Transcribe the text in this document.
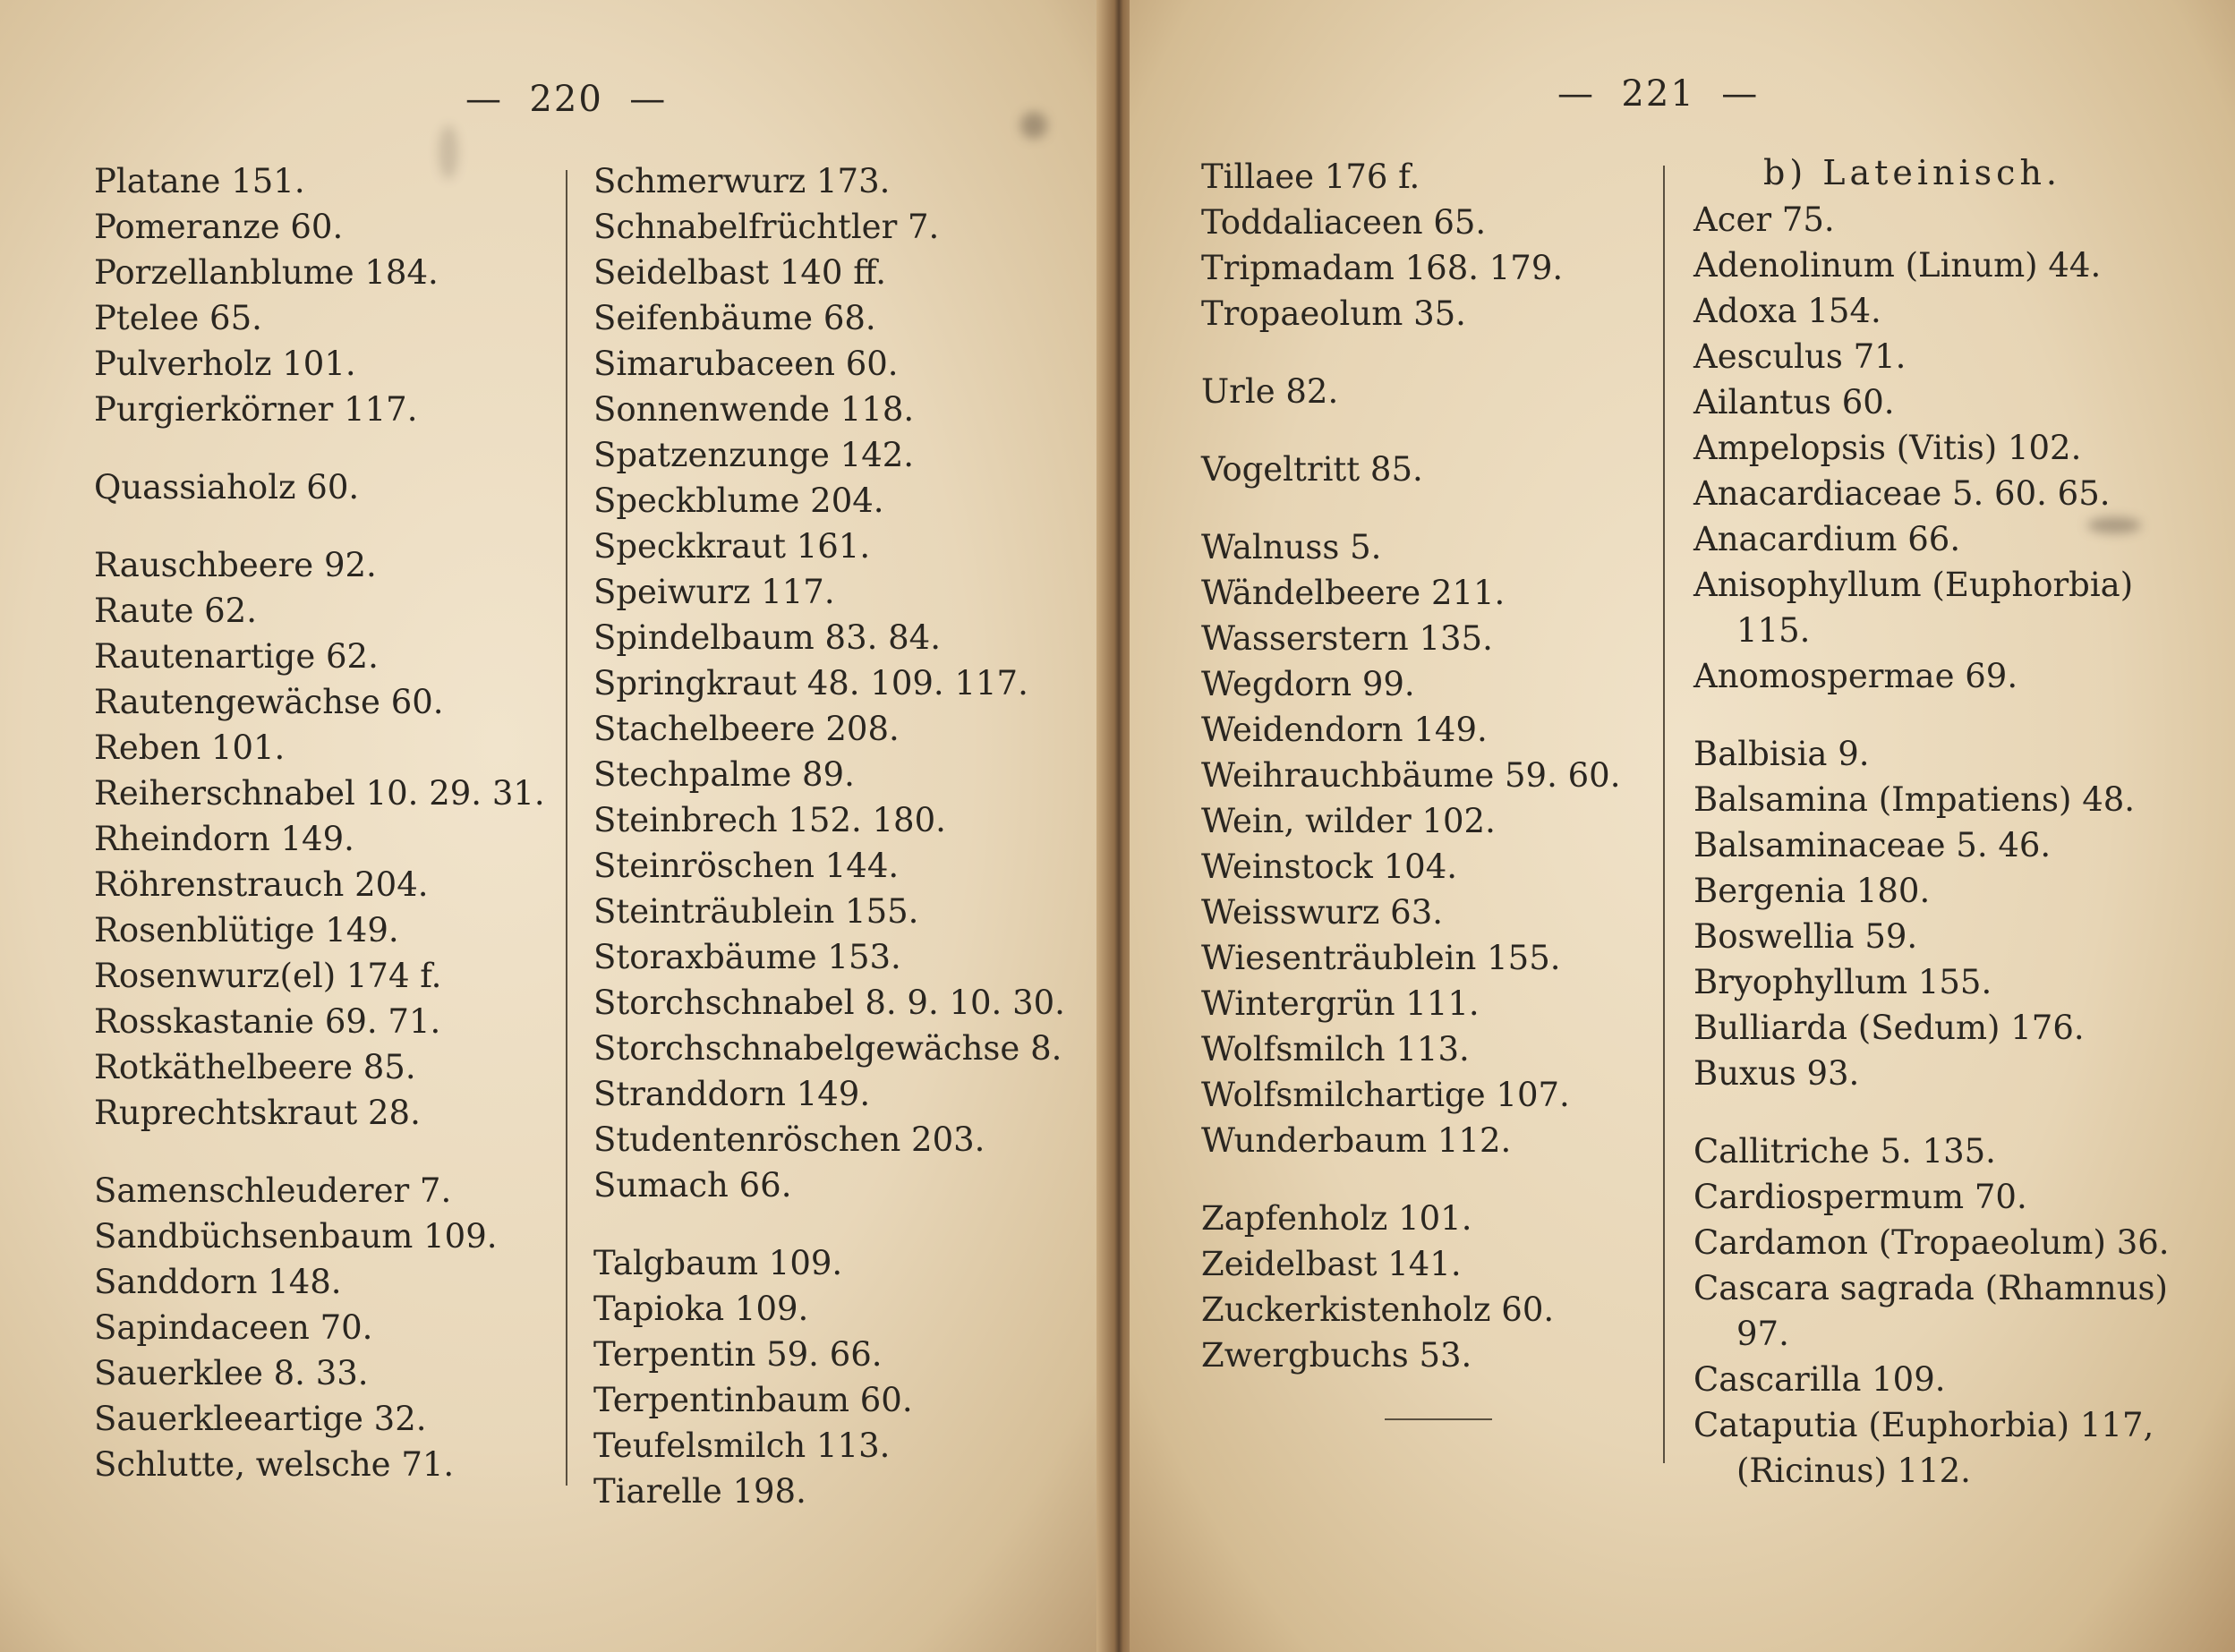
—  220  —
Platane 151.
Pomeranze 60.
Porzellanblume 184.
Ptelee 65.
Pulverholz 101.
Purgierkörner 117.
Quassiaholz 60.
Rauschbeere 92.
Raute 62.
Rautenartige 62.
Rautengewächse 60.
Reben 101.
Reiherschnabel 10. 29. 31.
Rheindorn 149.
Röhrenstrauch 204.
Rosenblütige 149.
Rosenwurz(el) 174 f.
Rosskastanie 69. 71.
Rotkäthelbeere 85.
Ruprechtskraut 28.
Samenschleuderer 7.
Sandbüchsenbaum 109.
Sanddorn 148.
Sapindaceen 70.
Sauerklee 8. 33.
Sauerkleeartige 32.
Schlutte, welsche 71.
Schmerwurz 173.
Schnabelfrüchtler 7.
Seidelbast 140 ff.
Seifenbäume 68.
Simarubaceen 60.
Sonnenwende 118.
Spatzenzunge 142.
Speckblume 204.
Speckkraut 161.
Speiwurz 117.
Spindelbaum 83. 84.
Springkraut 48. 109. 117.
Stachelbeere 208.
Stechpalme 89.
Steinbrech 152. 180.
Steinröschen 144.
Steinträublein 155.
Storaxbäume 153.
Storchschnabel 8. 9. 10. 30.
Storchschnabelgewächse 8.
Stranddorn 149.
Studentenröschen 203.
Sumach 66.
Talgbaum 109.
Tapioka 109.
Terpentin 59. 66.
Terpentinbaum 60.
Teufelsmilch 113.
Tiarelle 198.
—  221  —
Tillaee 176 f.
Toddaliaceen 65.
Tripmadam 168. 179.
Tropaeolum 35.
Urle 82.
Vogeltritt 85.
Walnuss 5.
Wändelbeere 211.
Wasserstern 135.
Wegdorn 99.
Weidendorn 149.
Weihrauchbäume 59. 60.
Wein, wilder 102.
Weinstock 104.
Weisswurz 63.
Wiesenträublein 155.
Wintergrün 111.
Wolfsmilch 113.
Wolfsmilchartige 107.
Wunderbaum 112.
Zapfenholz 101.
Zeidelbast 141.
Zuckerkistenholz 60.
Zwergbuchs 53.
b) Lateinisch.
Acer 75.
Adenolinum (Linum) 44.
Adoxa 154.
Aesculus 71.
Ailantus 60.
Ampelopsis (Vitis) 102.
Anacardiaceae 5. 60. 65.
Anacardium 66.
Anisophyllum (Euphorbia)
115.
Anomospermae 69.
Balbisia 9.
Balsamina (Impatiens) 48.
Balsaminaceae 5. 46.
Bergenia 180.
Boswellia 59.
Bryophyllum 155.
Bulliarda (Sedum) 176.
Buxus 93.
Callitriche 5. 135.
Cardiospermum 70.
Cardamon (Tropaeolum) 36.
Cascara sagrada (Rhamnus)
97.
Cascarilla 109.
Cataputia (Euphorbia) 117,
(Ricinus) 112.
